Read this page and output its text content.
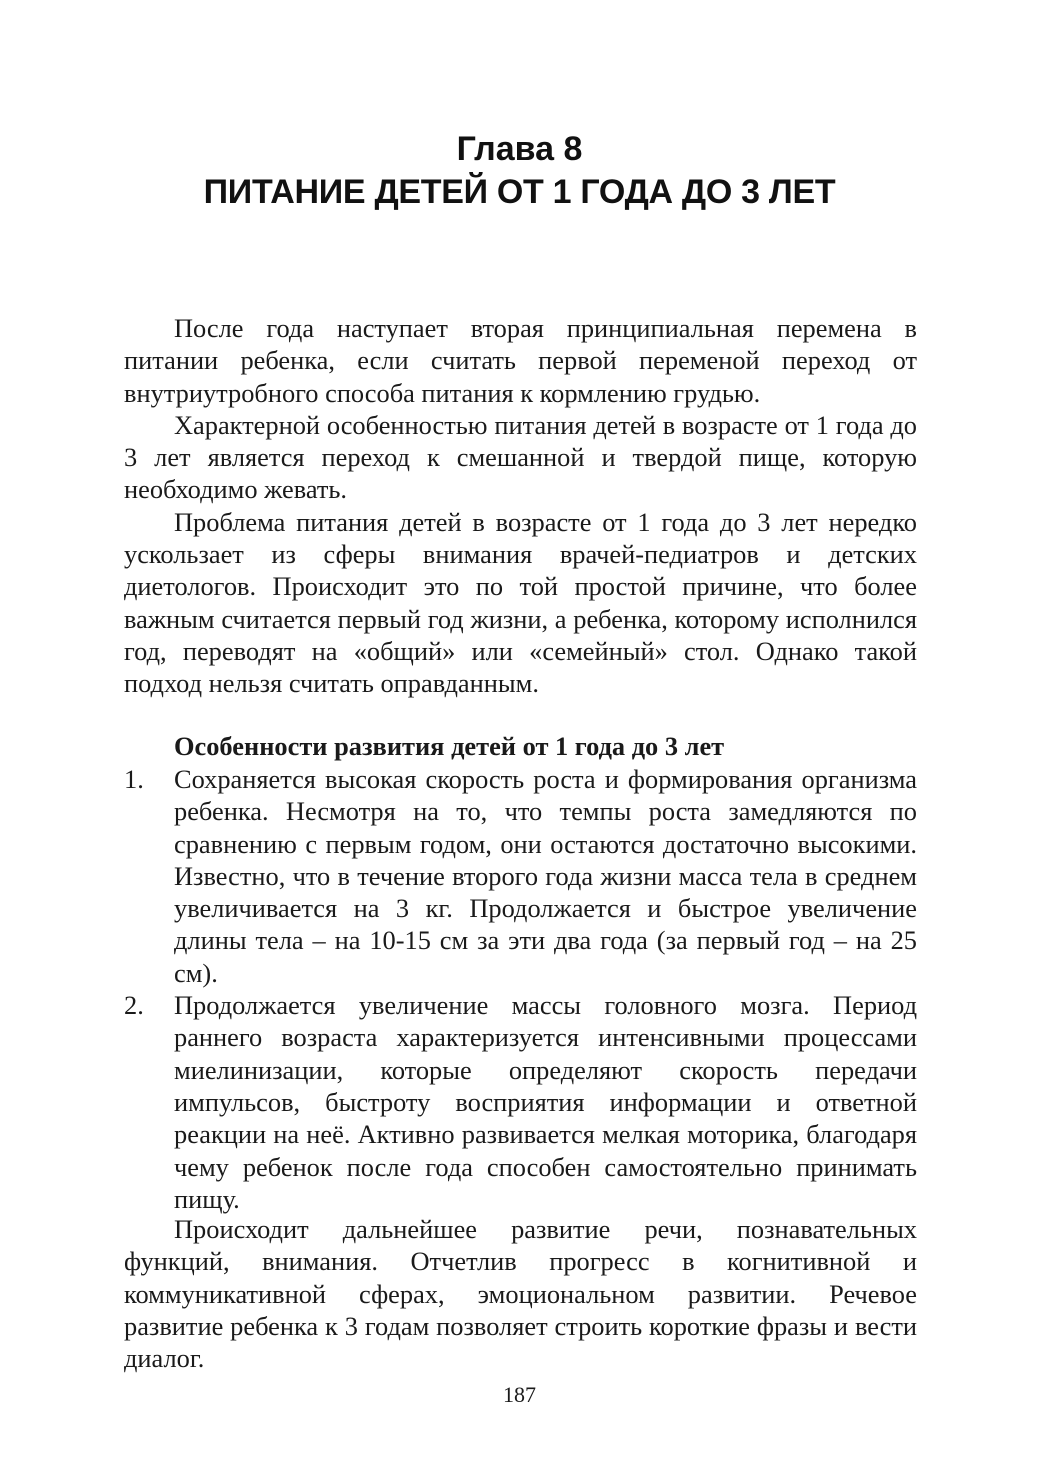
Глава 8
ПИТАНИЕ ДЕТЕЙ ОТ 1 ГОДА ДО 3 ЛЕТ

После года наступает вторая принципиальная перемена в питании ребенка, если считать первой переменой переход от внутриутробного способа питания к кормлению грудью.

Характерной особенностью питания детей в возрасте от 1 года до 3 лет является переход к смешанной и твердой пище, которую необходимо жевать.

Проблема питания детей в возрасте от 1 года до 3 лет нередко ускользает из сферы внимания врачей-педиатров и детских диетологов. Происходит это по той простой причине, что более важным считается первый год жизни, а ребенка, которому исполнился год, переводят на «общий» или «семейный» стол. Однако такой подход нельзя считать оправданным.

Особенности развития детей от 1 года до 3 лет
1.	Сохраняется высокая скорость роста и формирования организма ребенка. Несмотря на то, что темпы роста замедляются по сравнению с первым годом, они остаются достаточно высокими. Известно, что в течение второго года жизни масса тела в среднем увеличивается на 3 кг. Продолжается и быстрое увеличение длины тела – на 10-15 см за эти два года (за первый год – на 25 см).
2.	Продолжается увеличение массы головного мозга. Период раннего возраста характеризуется интенсивными процессами миелинизации, которые определяют скорость передачи импульсов, быстроту восприятия информации и ответной реакции на неё. Активно развивается мелкая моторика, благодаря чему ребенок после года способен самостоятельно принимать пищу.

Происходит дальнейшее развитие речи, познавательных функций, внимания. Отчетлив прогресс в когнитивной и коммуникативной сферах, эмоциональном развитии. Речевое развитие ребенка к 3 годам позволяет строить короткие фразы и вести диалог.

187
